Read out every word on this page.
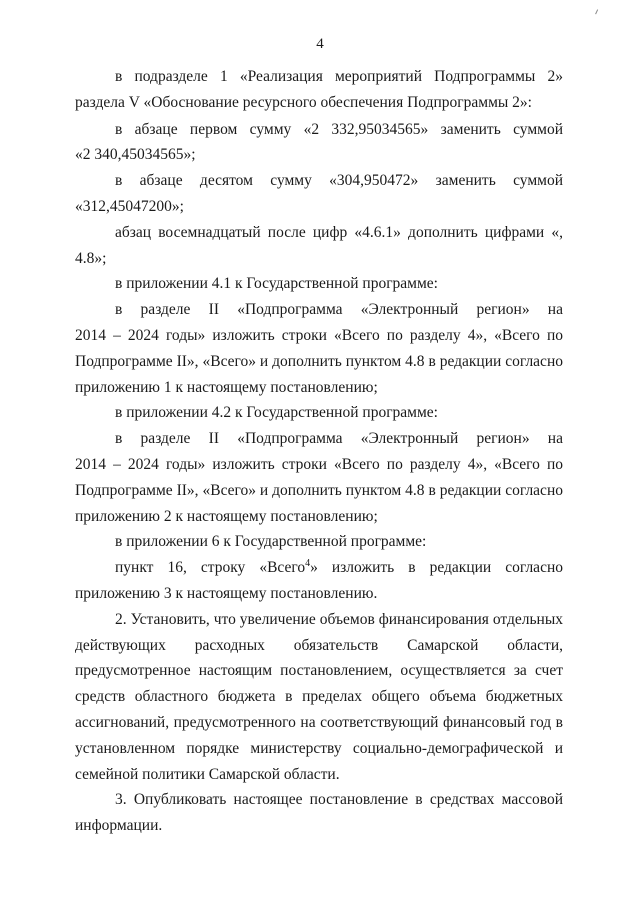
4
в подразделе 1 «Реализация мероприятий Подпрограммы 2»
раздела V «Обоснование ресурсного обеспечения Подпрограммы 2»:
в абзаце первом сумму «2 332,95034565» заменить суммой
«2 340,45034565»;
в абзаце десятом сумму «304,950472» заменить суммой
«312,45047200»;
абзац восемнадцатый после цифр «4.6.1» дополнить цифрами «, 4.8»;
в приложении 4.1 к Государственной программе:
в разделе II «Подпрограмма «Электронный регион» на
2014 – 2024 годы» изложить строки «Всего по разделу 4», «Всего по
Подпрограмме II», «Всего» и дополнить пунктом 4.8 в редакции согласно
приложению 1 к настоящему постановлению;
в приложении 4.2 к Государственной программе:
в разделе II «Подпрограмма «Электронный регион» на
2014 – 2024 годы» изложить строки «Всего по разделу 4», «Всего по
Подпрограмме II», «Всего» и дополнить пунктом 4.8 в редакции согласно
приложению 2 к настоящему постановлению;
в приложении 6 к Государственной программе:
пункт 16, строку «Всего$^4$» изложить в редакции согласно
приложению 3 к настоящему постановлению.
2. Установить, что увеличение объемов финансирования отдельных
действующих расходных обязательств Самарской области,
предусмотренное настоящим постановлением, осуществляется за счет
средств областного бюджета в пределах общего объема бюджетных
ассигнований, предусмотренного на соответствующий финансовый год в
установленном порядке министерству социально-демографической и
семейной политики Самарской области.
3. Опубликовать настоящее постановление в средствах массовой
информации.
